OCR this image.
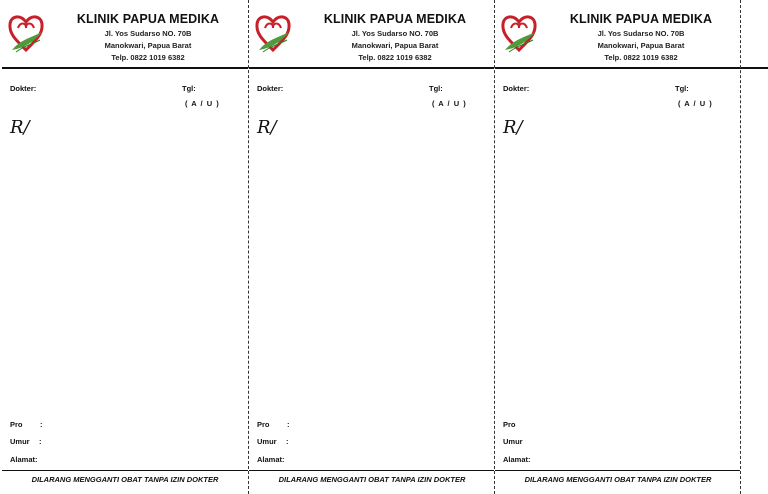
KLINIK PAPUA MEDIKA
Jl. Yos Sudarso NO. 70B
Manokwari, Papua Barat
Telp. 0822 1019 6382
Dokter:	Tgl:
( A / U )
R/
Pro :
Umur :
Alamat:
DILARANG MENGGANTI OBAT TANPA IZIN DOKTER
KLINIK PAPUA MEDIKA
Jl. Yos Sudarso NO. 70B
Manokwari, Papua Barat
Telp. 0822 1019 6382
Dokter:	Tgl:
( A / U )
R/
Pro :
Umur :
Alamat:
DILARANG MENGGANTI OBAT TANPA IZIN DOKTER
KLINIK PAPUA MEDIKA
Jl. Yos Sudarso NO. 70B
Manokwari, Papua Barat
Telp. 0822 1019 6382
Dokter:	Tgl:
( A / U )
R/
Pro
Umur
Alamat:
DILARANG MENGGANTI OBAT TANPA IZIN DOKTER
